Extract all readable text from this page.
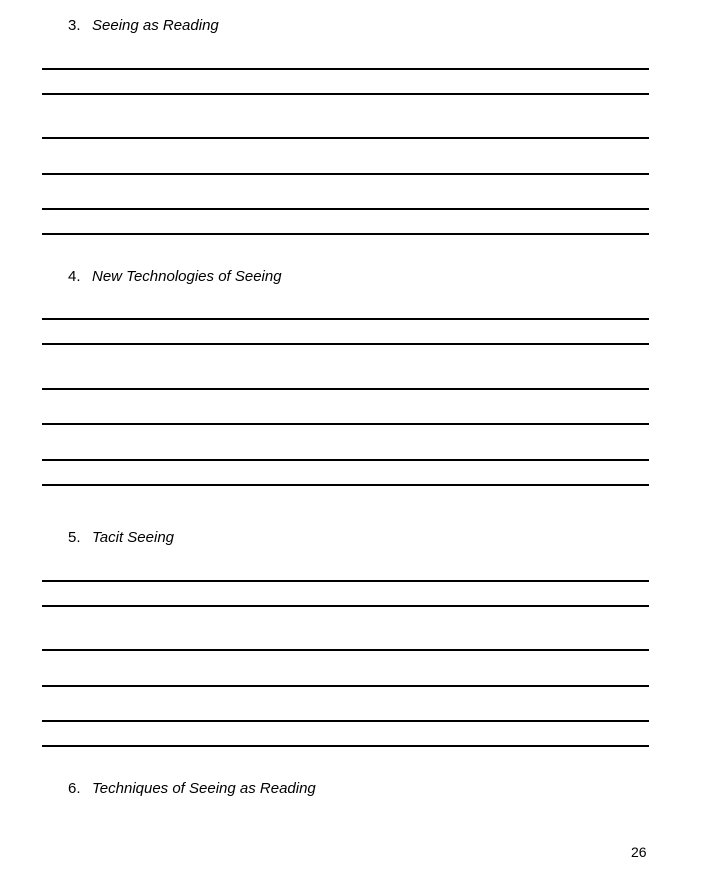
3. Seeing as Reading
4. New Technologies of Seeing
5. Tacit Seeing
6. Techniques of Seeing as Reading
26
